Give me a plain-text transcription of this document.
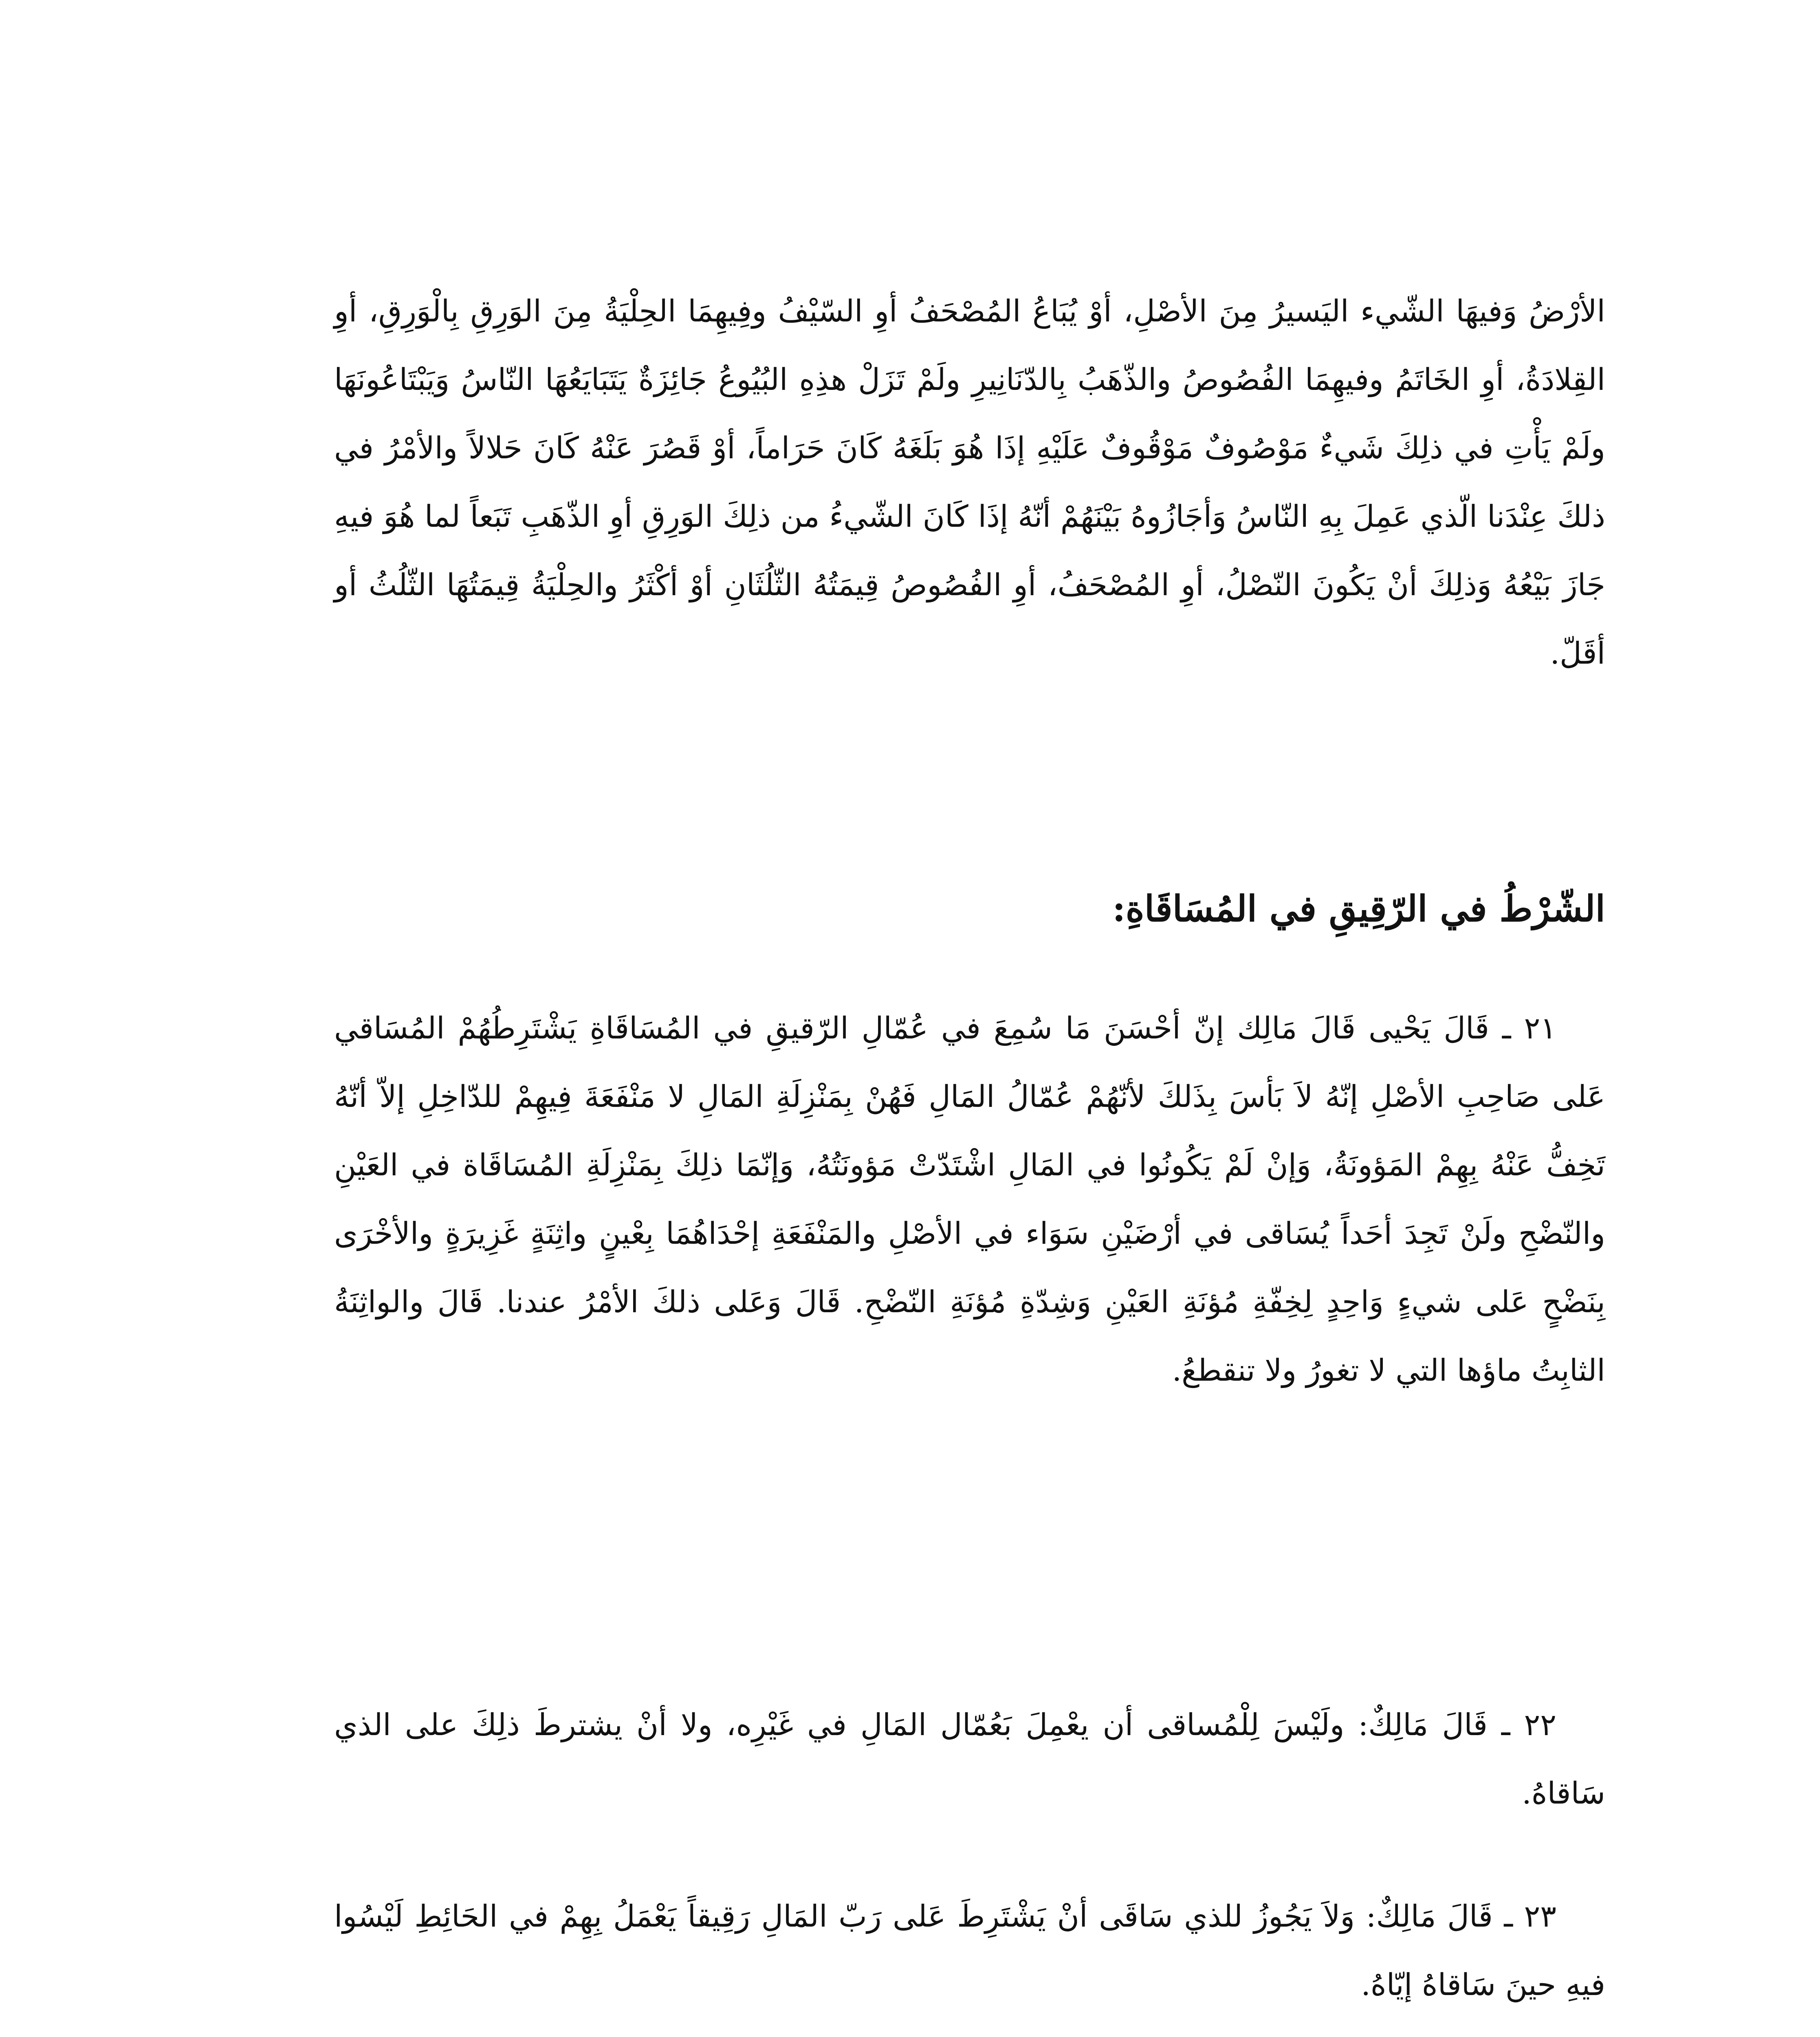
الأرْضُ وَفيهَا الشّيء اليَسيرُ مِنَ الأصْلِ، أوْ يُبَاعُ المُصْحَفُ أوِ السّيْفُ وفِيهِمَا الحِلْيَةُ مِنَ الوَرِقِ بِالْوَرِقِ، أوِ القِلادَةُ، أوِ الخَاتَمُ وفيهِمَا الفُصُوصُ والذّهَبُ بِالدّنَانِيرِ ولَمْ تَزَلْ هذِهِ البُيُوعُ جَائِزَةٌ يَتَبَايَعُهَا النّاسُ وَيَبْتَاعُونَهَا ولَمْ يَأْتِ في ذلِكَ شَيءٌ مَوْصُوفٌ مَوْقُوفٌ عَلَيْهِ إذَا هُوَ بَلَغَهُ كَانَ حَرَاماً، أوْ قَصُرَ عَنْهُ كَانَ حَلالاً والأمْرُ في ذلكَ عِنْدَنا الّذي عَمِلَ بِهِ النّاسُ وَأجَازُوهُ بَيْنَهُمْ أنّهُ إذَا كَانَ الشّيءُ من ذلِكَ الوَرِقِ أوِ الذّهَبِ تَبَعاً لما هُوَ فيهِ جَازَ بَيْعُهُ وَذلِكَ أنْ يَكُونَ النّصْلُ، أوِ المُصْحَفُ، أوِ الفُصُوصُ قِيمَتُهُ الثّلُثَانِ أوْ أكْثَرُ والحِلْيَةُ قِيمَتُهَا الثّلُثُ أو أقَلّ.

الشّرْطُ في الرّقِيقِ في المُسَاقَاةِ:

٢١ ـ قَالَ يَحْيى قَالَ مَالِك إنّ أحْسَنَ مَا سُمِعَ في عُمّالِ الرّقيقِ في المُسَاقَاةِ يَشْتَرِطُهُمْ المُسَاقي عَلى صَاحِبِ الأصْلِ إنّهُ لاَ بَأسَ بِذَلكَ لأنّهُمْ عُمّالُ المَالِ فَهُنْ بِمَنْزِلَةِ المَالِ لا مَنْفَعَةَ فِيهِمْ للدّاخِلِ إلاّ أنّهُ تَخِفُّ عَنْهُ بِهِمْ المَؤونَةُ، وَإنْ لَمْ يَكُونُوا في المَالِ اشْتَدّتْ مَؤونَتُهُ، وَإنّمَا ذلِكَ بِمَنْزِلَةِ المُسَاقَاة في العَيْنِ والنّضْحِ ولَنْ تَجِدَ أحَداً يُسَاقى في أرْضَيْنِ سَوَاء في الأصْلِ والمَنْفَعَةِ إحْدَاهُمَا بِعْينٍ واثِنَةٍ غَزِيرَةٍ والأخْرَى بِنَضْحٍ عَلى شيءٍ وَاحِدٍ لِخِفّةِ مُؤنَةِ العَيْنِ وَشِدّةِ مُؤنَةِ النّضْحِ. قَالَ وَعَلى ذلكَ الأمْرُ عندنا. قَالَ والواثِنَةُ الثابِتُ ماؤها التي لا تغورُ ولا تنقطعُ.

٢٢ ـ قَالَ مَالِكٌ: ولَيْسَ لِلْمُساقى أن يعْمِلَ بَعُمّال المَالِ في غَيْرِه، ولا أنْ يشترطَ ذلِكَ على الذي سَاقاهُ.

٢٣ ـ قَالَ مَالِكٌ: وَلاَ يَجُوزُ للذي سَاقَى أنْ يَشْتَرِطَ عَلى رَبّ المَالِ رَقِيقاً يَعْمَلُ بِهِمْ في الحَائِطِ لَيْسُوا فيهِ حينَ سَاقاهُ إيّاهُ.
